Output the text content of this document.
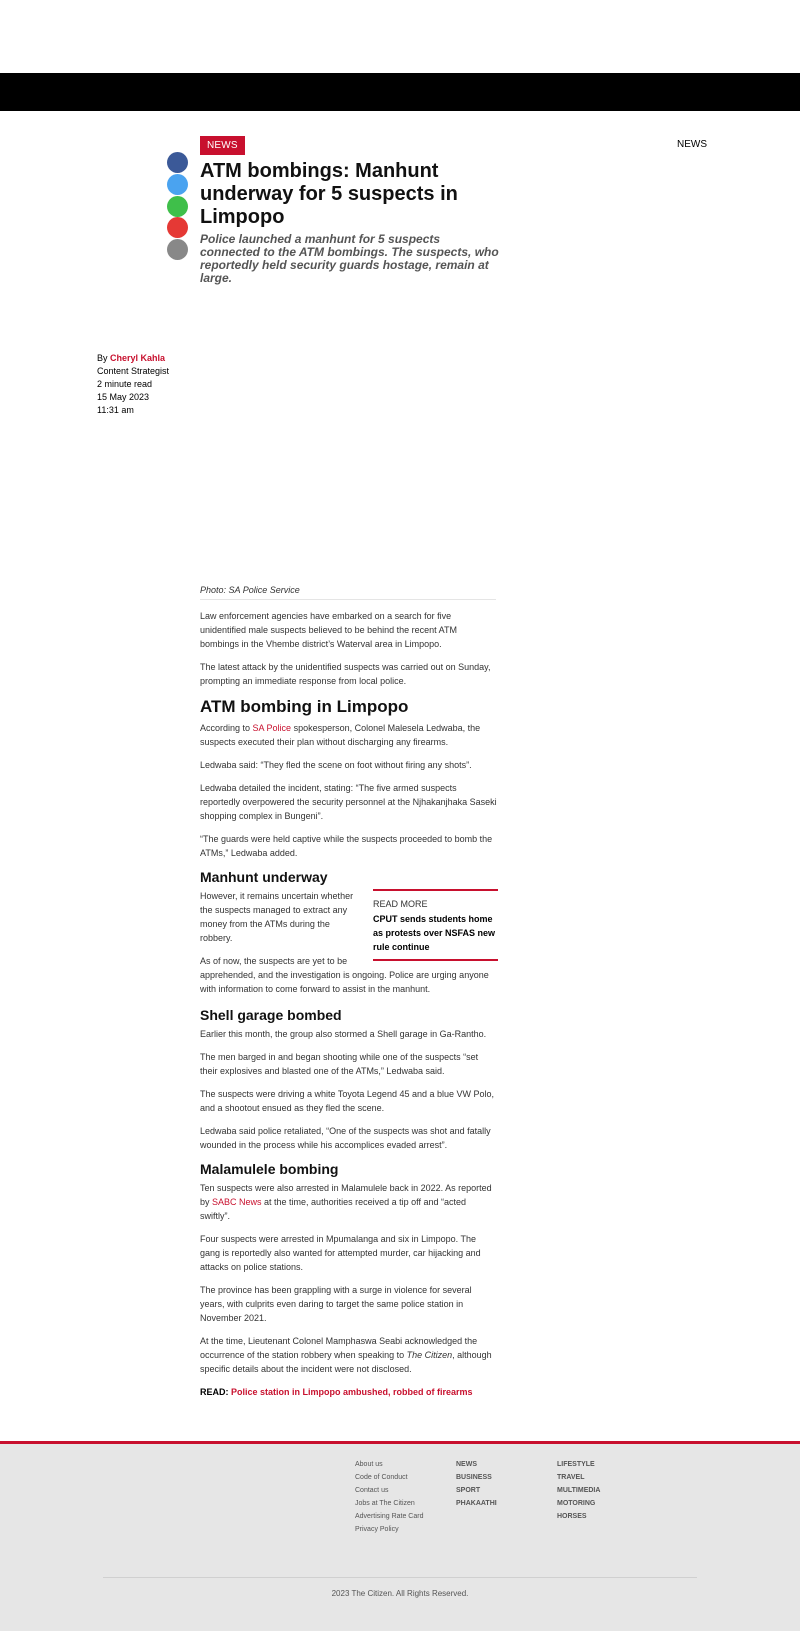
NEWS	NEWS
ATM bombings: Manhunt underway for 5 suspects in Limpopo

Police launched a manhunt for 5 suspects connected to the ATM bombings. The suspects, who reportedly held security guards hostage, remain at large.

By Cheryl Kahla
Content Strategist
2 minute read
15 May 2023
11:31 am
Photo: SA Police Service

Law enforcement agencies have embarked on a search for five unidentified male suspects believed to be behind the recent ATM bombings in the Vhembe district’s Waterval area in Limpopo.

The latest attack by the unidentified suspects was carried out on Sunday, prompting an immediate response from local police.

ATM bombing in Limpopo

According to SA Police spokesperson, Colonel Malesela Ledwaba, the suspects executed their plan without discharging any firearms.

Ledwaba said: “They fled the scene on foot without firing any shots”.

Ledwaba detailed the incident, stating: “The five armed suspects reportedly overpowered the security personnel at the Njhakanjhaka Saseki shopping complex in Bungeni”.

“The guards were held captive while the suspects proceeded to bomb the ATMs,” Ledwaba added.

Manhunt underway
READ MORE
CPUT sends students home as protests over NSFAS new rule continue

However, it remains uncertain whether the suspects managed to extract any money from the ATMs during the robbery.

As of now, the suspects are yet to be apprehended, and the investigation is ongoing. Police are urging anyone with information to come forward to assist in the manhunt.

Shell garage bombed

Earlier this month, the group also stormed a Shell garage in Ga-Rantho.

The men barged in and began shooting while one of the suspects “set their explosives and blasted one of the ATMs,” Ledwaba said.

The suspects were driving a white Toyota Legend 45 and a blue VW Polo, and a shootout ensued as they fled the scene.

Ledwaba said police retaliated, “One of the suspects was shot and fatally wounded in the process while his accomplices evaded arrest”.

Malamulele bombing

Ten suspects were also arrested in Malamulele back in 2022. As reported by SABC News at the time, authorities received a tip off and “acted swiftly”.

Four suspects were arrested in Mpumalanga and six in Limpopo. The gang is reportedly also wanted for attempted murder, car hijacking and attacks on police stations.

The province has been grappling with a surge in violence for several years, with culprits even daring to target the same police station in November 2021.

At the time, Lieutenant Colonel Mamphaswa Seabi acknowledged the occurrence of the station robbery when speaking to The Citizen, although specific details about the incident were not disclosed.

READ: Police station in Limpopo ambushed, robbed of firearms

About us
Code of Conduct
Contact us
Jobs at The Citizen
Advertising Rate Card
Privacy Policy
NEWS
BUSINESS
SPORT
PHAKAATHI
LIFESTYLE
TRAVEL
MULTIMEDIA
MOTORING
HORSES
2023 The Citizen. All Rights Reserved.
